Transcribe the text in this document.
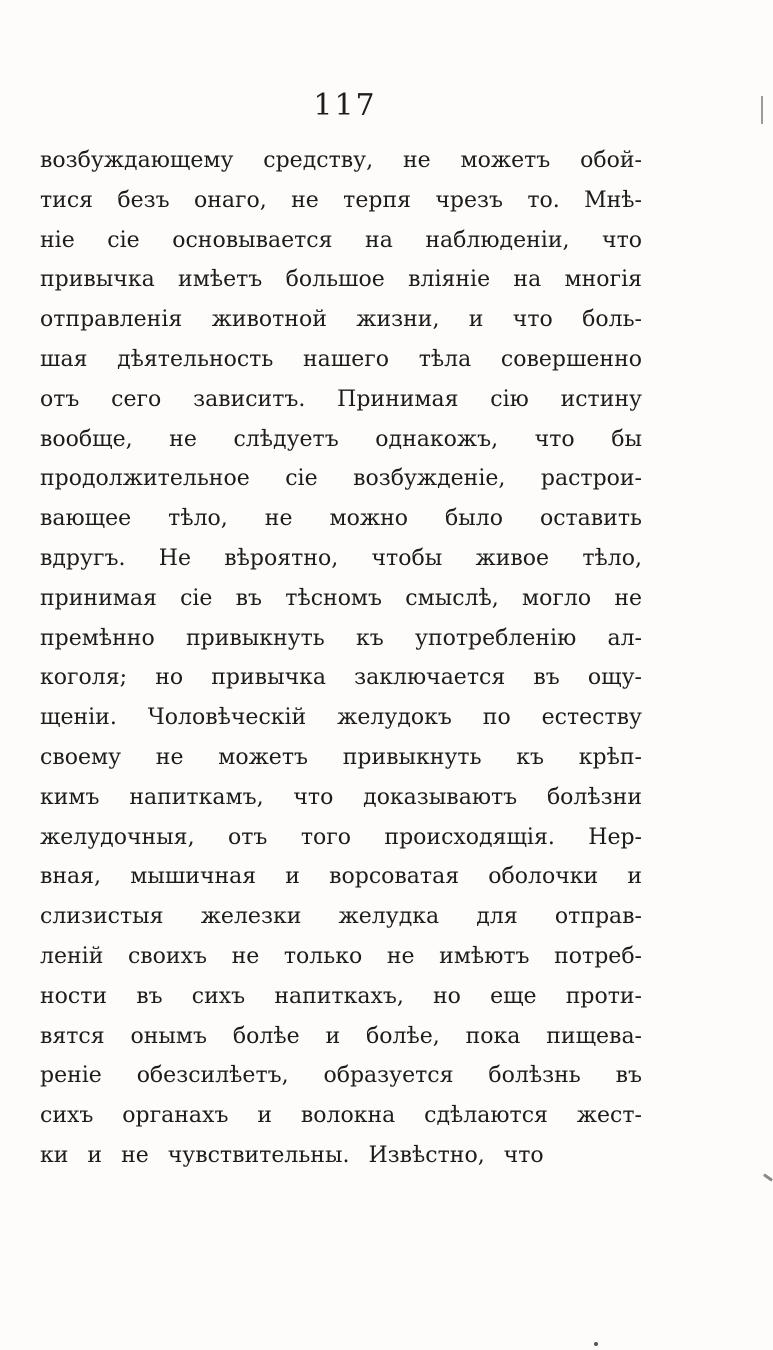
117
возбуждающему средству, не можетъ обой-
тися безъ онаго, не терпя чрезъ то. Мнѣ-
ніе сіе основывается на наблюденіи, что
привычка имѣетъ большое вліяніе на многія
отправленія животной жизни, и что боль-
шая дѣятельность нашего тѣла совершенно
отъ сего зависитъ. Принимая сію истину
вообще, не слѣдуетъ однакожъ, что бы
продолжительное сіе возбужденіе, растрои-
вающее тѣло, не можно было оставить
вдругъ. Не вѣроятно, чтобы живое тѣло,
принимая сіе въ тѣсномъ смыслѣ, могло не
премѣнно привыкнуть къ употребленію ал-
коголя; но привычка заключается въ ощу-
щеніи. Чоловѣческій желудокъ по естеству
своему не можетъ привыкнуть къ крѣп-
кимъ напиткамъ, что доказываютъ болѣзни
желудочныя, отъ того происходящія. Нер-
вная, мышичная и ворсоватая оболочки и
слизистыя железки желудка для отправ-
леній своихъ не только не имѣютъ потреб-
ности въ сихъ напиткахъ, но еще проти-
вятся онымъ болѣе и болѣе, пока пищева-
реніе обезсилѣетъ, образуется болѣзнь въ
сихъ органахъ и волокна сдѣлаются жест-
ки и не чувствительны. Извѣстно, что
